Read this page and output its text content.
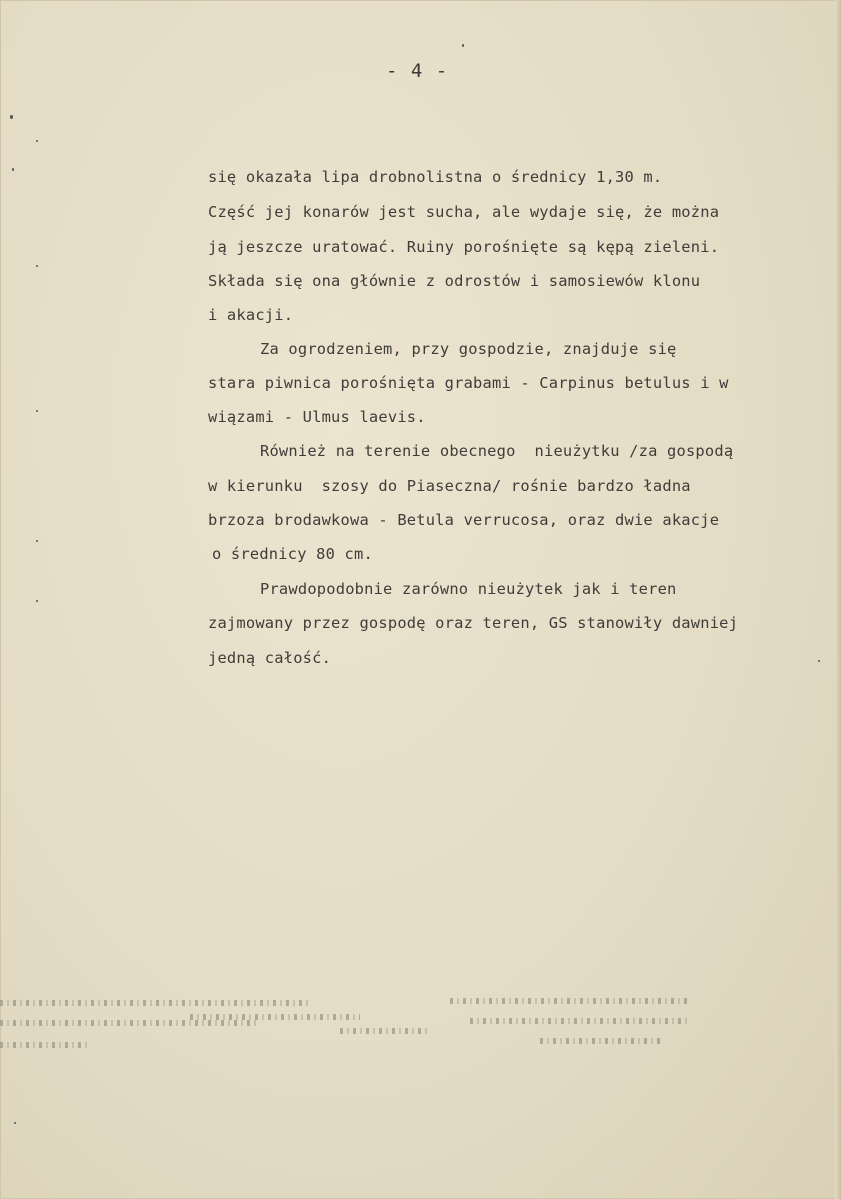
- 4 -
się okazała lipa drobnolistna o średnicy 1,30 m.
Część jej konarów jest sucha, ale wydaje się, że można
ją jeszcze uratować. Ruiny porośnięte są kępą zieleni.
Składa się ona głównie z odrostów i samosiewów klonu
i akacji.
Za ogrodzeniem, przy gospodzie, znajduje się
stara piwnica porośnięta grabami - Carpinus betulus i w
wiązami - Ulmus laevis.
Również na terenie obecnego  nieużytku /za gospodą
w kierunku  szosy do Piaseczna/ rośnie bardzo ładna
brzoza brodawkowa - Betula verrucosa, oraz dwie akacje
o średnicy 80 cm.
Prawdopodobnie zarówno nieużytek jak i teren
zajmowany przez gospodę oraz teren, GS stanowiły dawniej
jedną całość.
